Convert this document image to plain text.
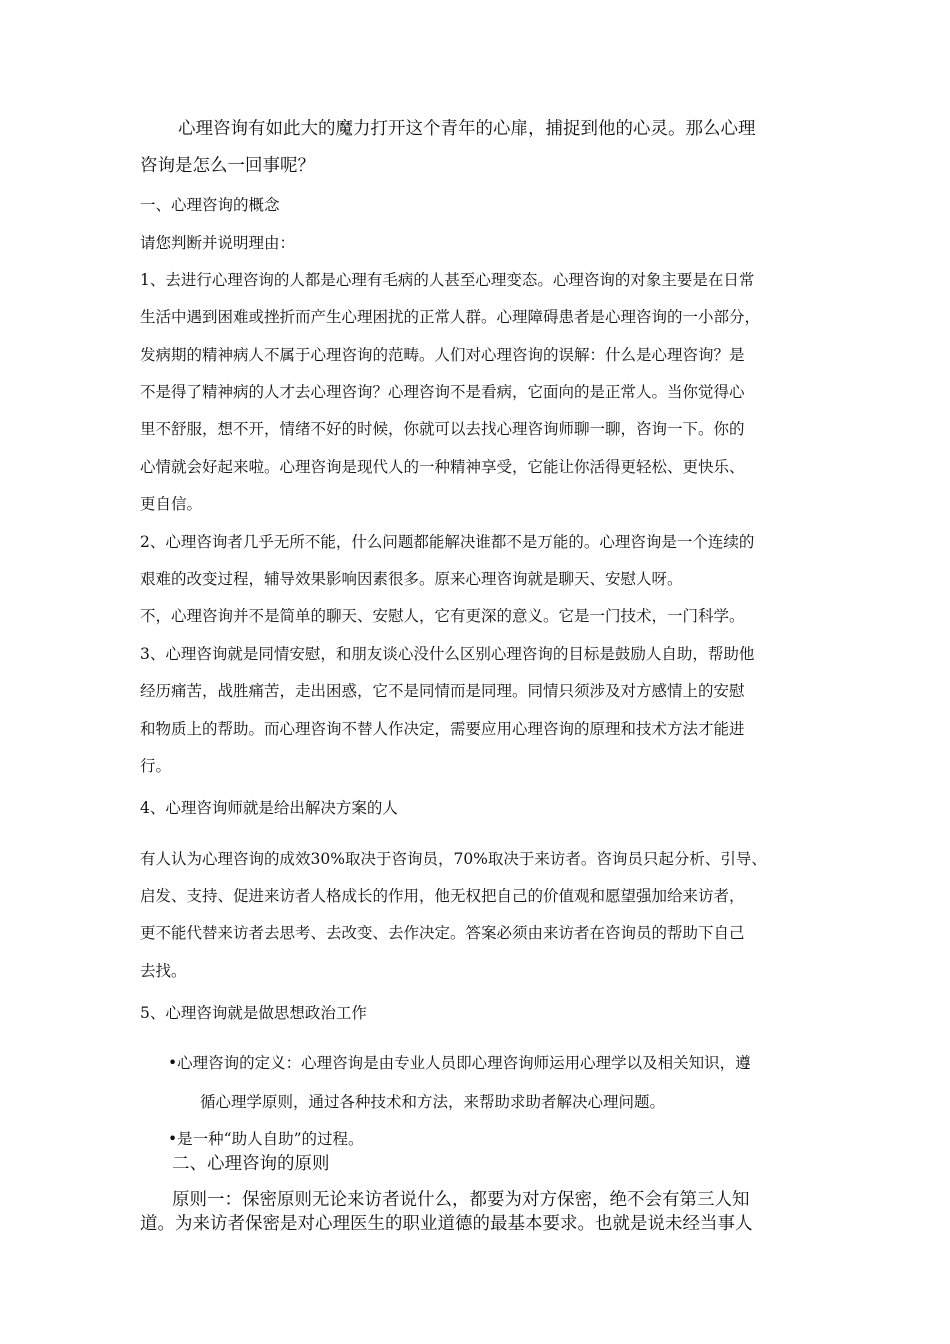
心理咨询有如此大的魔力打开这个青年的心扉，捕捉到他的心灵。那么心理
咨询是怎么一回事呢？
一、心理咨询的概念
请您判断并说明理由：
1、去进行心理咨询的人都是心理有毛病的人甚至心理变态。心理咨询的对象主要是在日常
生活中遇到困难或挫折而产生心理困扰的正常人群。心理障碍患者是心理咨询的一小部分，
发病期的精神病人不属于心理咨询的范畴。人们对心理咨询的误解：什么是心理咨询？是
不是得了精神病的人才去心理咨询？心理咨询不是看病，它面向的是正常人。当你觉得心
里不舒服，想不开，情绪不好的时候，你就可以去找心理咨询师聊一聊，咨询一下。你的
心情就会好起来啦。心理咨询是现代人的一种精神享受，它能让你活得更轻松、更快乐、
更自信。
2、心理咨询者几乎无所不能，什么问题都能解决谁都不是万能的。心理咨询是一个连续的
艰难的改变过程，辅导效果影响因素很多。原来心理咨询就是聊天、安慰人呀。
不，心理咨询并不是简单的聊天、安慰人，它有更深的意义。它是一门技术，一门科学。
3、心理咨询就是同情安慰，和朋友谈心没什么区别心理咨询的目标是鼓励人自助，帮助他
经历痛苦，战胜痛苦，走出困惑，它不是同情而是同理。同情只须涉及对方感情上的安慰
和物质上的帮助。而心理咨询不替人作决定，需要应用心理咨询的原理和技术方法才能进
行。
4、心理咨询师就是给出解决方案的人
有人认为心理咨询的成效30%取决于咨询员，70%取决于来访者。咨询员只起分析、引导、
启发、支持、促进来访者人格成长的作用，他无权把自己的价值观和愿望强加给来访者，
更不能代替来访者去思考、去改变、去作决定。答案必须由来访者在咨询员的帮助下自己
去找。
5、心理咨询就是做思想政治工作
•心理咨询的定义：心理咨询是由专业人员即心理咨询师运用心理学以及相关知识，遵
循心理学原则，通过各种技术和方法，来帮助求助者解决心理问题。
•是一种“助人自助”的过程。
二、心理咨询的原则
原则一：保密原则无论来访者说什么，都要为对方保密，绝不会有第三人知
道。为来访者保密是对心理医生的职业道德的最基本要求。也就是说未经当事人
